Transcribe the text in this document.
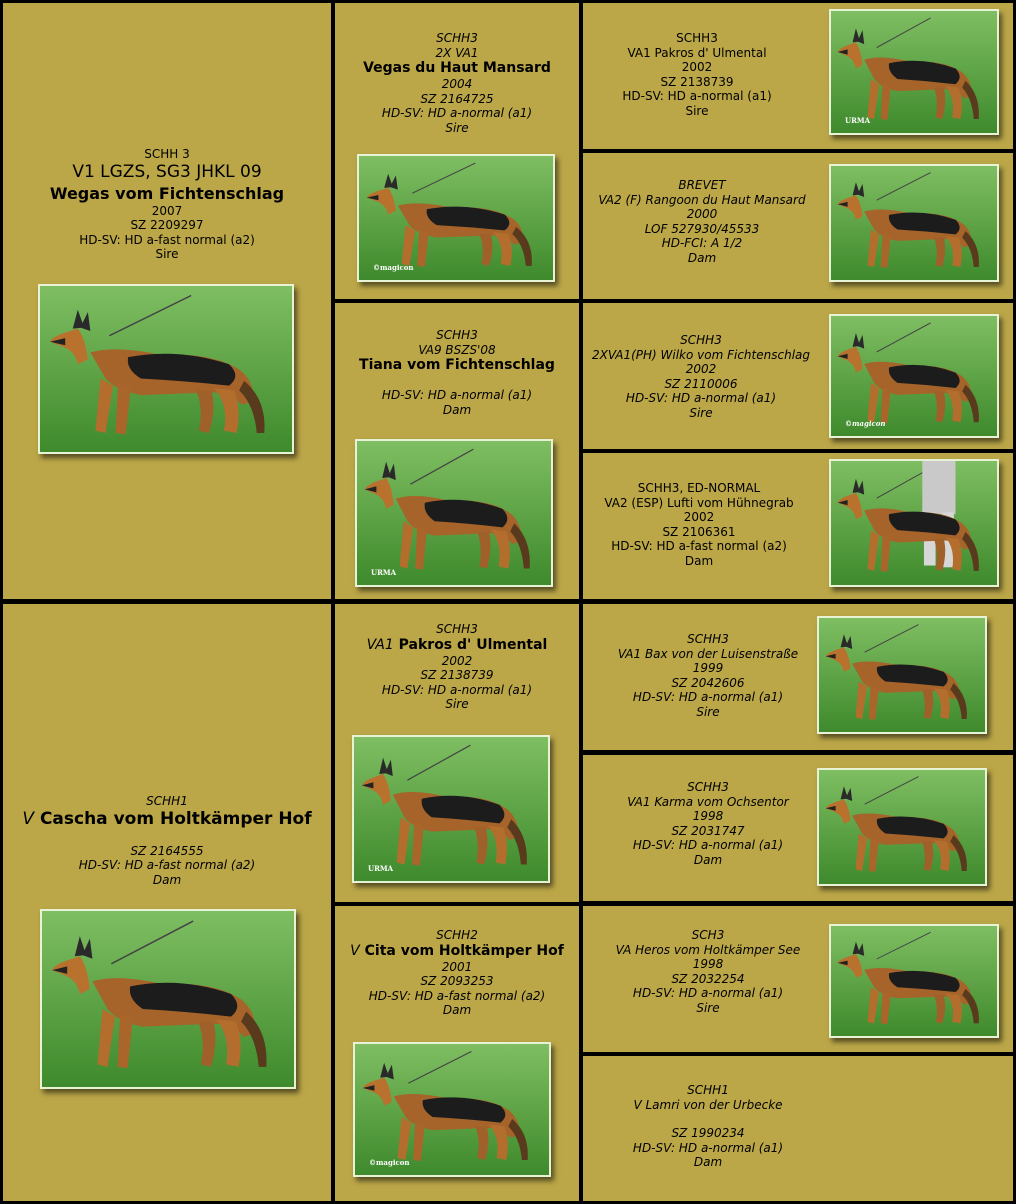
SCHH 3
V1 LGZS, SG3 JHKL 09
Wegas vom Fichtenschlag
2007
SZ 2209297
HD-SV: HD a-fast normal (a2)
Sire
SCHH1
V Cascha vom Holtkämper Hof
SZ 2164555
HD-SV: HD a-fast normal (a2)
Dam
SCHH3
2X VA1
Vegas du Haut Mansard
2004
SZ 2164725
HD-SV: HD a-normal (a1)
Sire
©magicon
SCHH3
VA9 BSZS'08
Tiana vom Fichtenschlag
HD-SV: HD a-normal (a1)
Dam
URMA
SCHH3
VA1 Pakros d' Ulmental
2002
SZ 2138739
HD-SV: HD a-normal (a1)
Sire
URMA
SCHH2
V Cita vom Holtkämper Hof
2001
SZ 2093253
HD-SV: HD a-fast normal (a2)
Dam
©magicon
SCHH3
VA1 Pakros d' Ulmental
2002
SZ 2138739
HD-SV: HD a-normal (a1)
Sire
URMA
BREVET
VA2 (F) Rangoon du Haut Mansard
2000
LOF 527930/45533
HD-FCI: A 1/2
Dam
SCHH3
2XVA1(PH) Wilko vom Fichtenschlag
2002
SZ 2110006
HD-SV: HD a-normal (a1)
Sire
©magicon
SCHH3, ED-NORMAL
VA2 (ESP) Lufti vom Hühnegrab
2002
SZ 2106361
HD-SV: HD a-fast normal (a2)
Dam
SCHH3
VA1 Bax von der Luisenstraße
1999
SZ 2042606
HD-SV: HD a-normal (a1)
Sire
SCHH3
VA1 Karma vom Ochsentor
1998
SZ 2031747
HD-SV: HD a-normal (a1)
Dam
SCH3
VA Heros vom Holtkämper See
1998
SZ 2032254
HD-SV: HD a-normal (a1)
Sire
SCHH1
V Lamri von der Urbecke
SZ 1990234
HD-SV: HD a-normal (a1)
Dam
